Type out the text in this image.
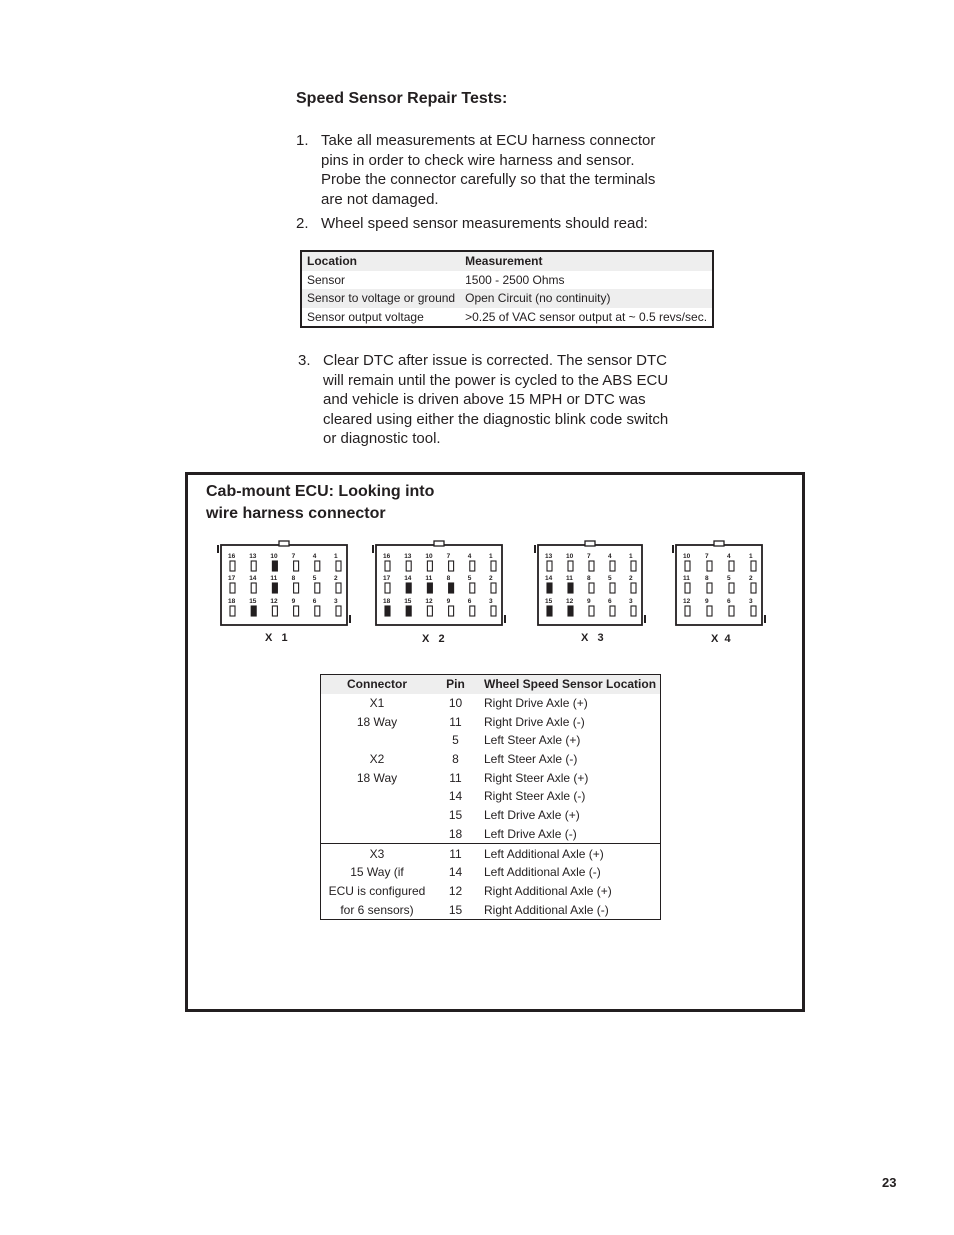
Speed Sensor Repair Tests:
1. Take all measurements at ECU harness connector
pins in order to check wire harness and sensor.
Probe the connector carefully so that the terminals
are not damaged.
2. Wheel speed sensor measurements should read:
Location	Measurement
Sensor	1500 - 2500 Ohms
Sensor to voltage or ground	Open Circuit (no continuity)
Sensor output voltage	>0.25 of VAC sensor output at ~ 0.5 revs/sec.
3. Clear DTC after issue is corrected. The sensor DTC
will remain until the power is cycled to the ABS ECU
and vehicle is driven above 15 MPH or DTC was
cleared using either the diagnostic blink code switch
or diagnostic tool.
Cab-mount ECU: Looking into
wire harness connector
16 13 10 7	4	1
17 14 11 8	5	2
18 15 12 9	6	3
16 13 10 7	4	1
17 14 11 8	5	2
18 15 12 9	6	3
13 10 7	4	1
14 11 8	5	2
15 12 9	6	3
10 7	4	1
11 8	5	2
12 9	6	3
X   1	X   2	X   3	X  4
Connector	Pin	Wheel Speed Sensor Location
X1	10	Right Drive Axle (+)
18 Way	11	Right Drive Axle (-)
	5	Left Steer Axle (+)
X2	8	Left Steer Axle (-)
18 Way	11	Right Steer Axle (+)
	14	Right Steer Axle (-)
	15	Left Drive Axle (+)
	18	Left Drive Axle (-)
X3	11	Left Additional Axle (+)
15 Way (if	14	Left Additional Axle (-)
ECU is configured	12	Right Additional Axle (+)
for 6 sensors)	15	Right Additional Axle (-)
23
